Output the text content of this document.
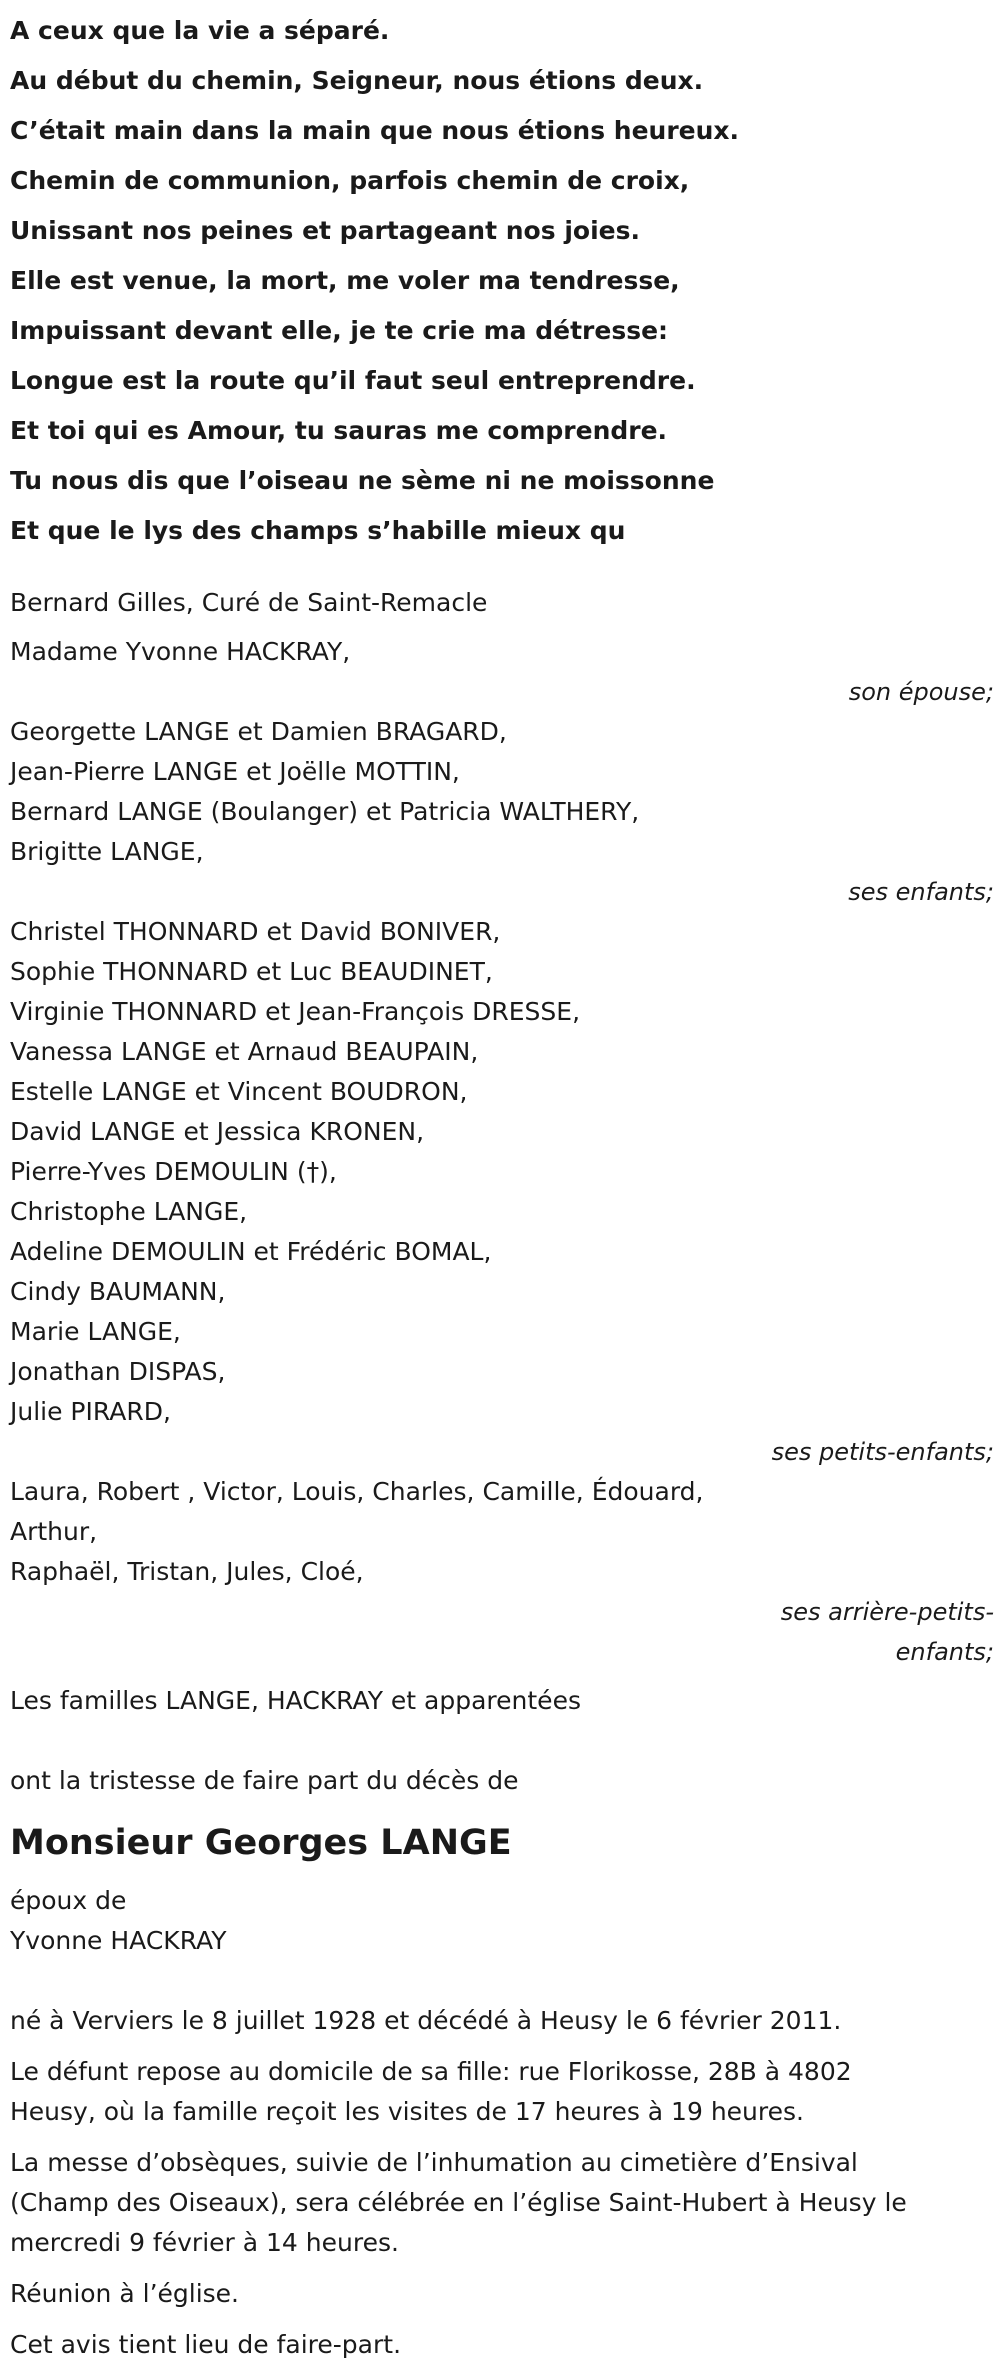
A ceux que la vie a séparé.
Au début du chemin, Seigneur, nous étions deux.
C’était main dans la main que nous étions heureux.
Chemin de communion, parfois chemin de croix,
Unissant nos peines et partageant nos joies.
Elle est venue, la mort, me voler ma tendresse,
Impuissant devant elle, je te crie ma détresse:
Longue est la route qu’il faut seul entreprendre.
Et toi qui es Amour, tu sauras me comprendre.
Tu nous dis que l’oiseau ne sème ni ne moissonne
Et que le lys des champs s’habille mieux qu
Bernard Gilles, Curé de Saint-Remacle
Madame Yvonne HACKRAY,
son épouse;
Georgette LANGE et Damien BRAGARD,
Jean-Pierre LANGE et Joëlle MOTTIN,
Bernard LANGE (Boulanger) et Patricia WALTHERY,
Brigitte LANGE,
ses enfants;
Christel THONNARD et David BONIVER,
Sophie THONNARD et Luc BEAUDINET,
Virginie THONNARD et Jean-François DRESSE,
Vanessa LANGE et Arnaud BEAUPAIN,
Estelle LANGE et Vincent BOUDRON,
David LANGE et Jessica KRONEN,
Pierre-Yves DEMOULIN (†),
Christophe LANGE,
Adeline DEMOULIN et Frédéric BOMAL,
Cindy BAUMANN,
Marie LANGE,
Jonathan DISPAS,
Julie PIRARD,
ses petits-enfants;
Laura, Robert , Victor, Louis, Charles, Camille, Édouard,
Arthur,
Raphaël, Tristan, Jules, Cloé,
ses arrière-petits-
enfants;
Les familles LANGE, HACKRAY et apparentées
ont la tristesse de faire part du décès de
Monsieur Georges LANGE
époux de
Yvonne HACKRAY
né à Verviers le 8 juillet 1928 et décédé à Heusy le 6 février 2011.
Le défunt repose au domicile de sa fille: rue Florikosse, 28B à 4802
Heusy, où la famille reçoit les visites de 17 heures à 19 heures.
La messe d’obsèques, suivie de l’inhumation au cimetière d’Ensival
(Champ des Oiseaux), sera célébrée en l’église Saint-Hubert à Heusy le
mercredi 9 février à 14 heures.
Réunion à l’église.
Cet avis tient lieu de faire-part.
